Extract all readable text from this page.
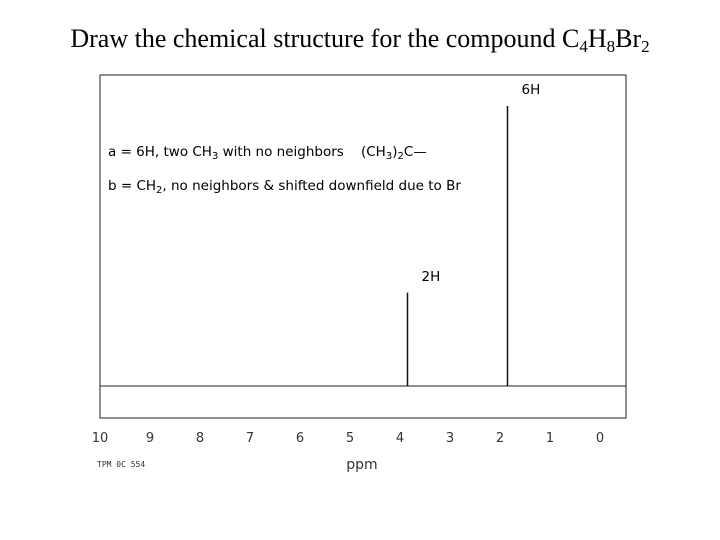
Draw the chemical structure for the compound $C_4H_8Br_2$
10	9	8	7	6	5	4	3	2	1	0
ppm
TPM 0C 554
a = 6H, two $CH_3$ with no neighbors    $(CH_3)_2C—$
$b = CH_2$, no neighbors & shifted downfield due to Br
2H
6H
